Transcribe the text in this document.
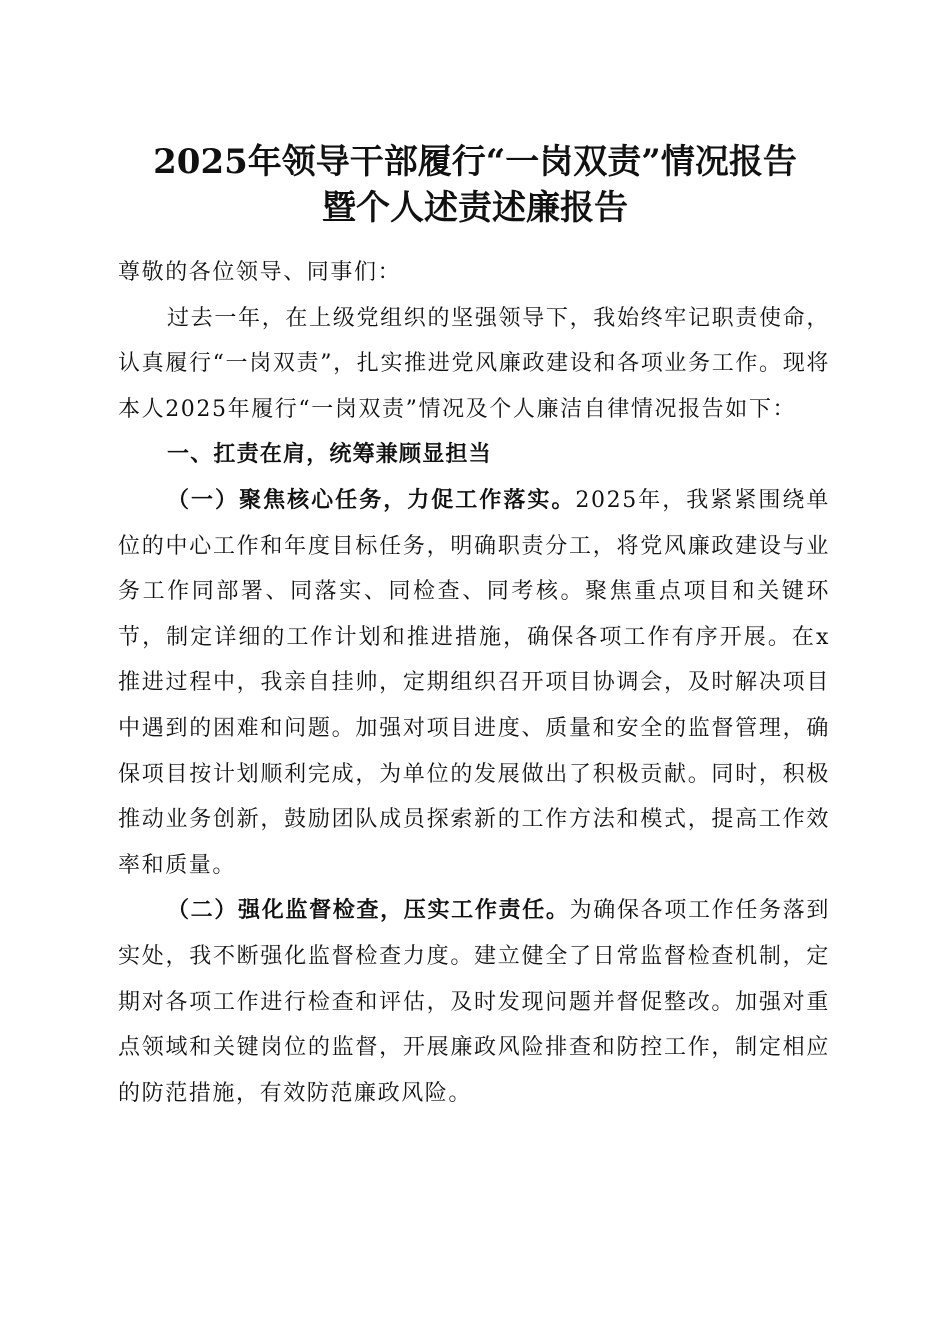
2025年领导干部履行“一岗双责”情况报告
暨个人述责述廉报告

尊敬的各位领导、同事们：

过去一年，在上级党组织的坚强领导下，我始终牢记职责使命，认真履行“一岗双责”，扎实推进党风廉政建设和各项业务工作。现将本人2025年履行“一岗双责”情况及个人廉洁自律情况报告如下：

一、扛责在肩，统筹兼顾显担当

（一）聚焦核心任务，力促工作落实。2025年，我紧紧围绕单位的中心工作和年度目标任务，明确职责分工，将党风廉政建设与业务工作同部署、同落实、同检查、同考核。聚焦重点项目和关键环节，制定详细的工作计划和推进措施，确保各项工作有序开展。在x推进过程中，我亲自挂帅，定期组织召开项目协调会，及时解决项目中遇到的困难和问题。加强对项目进度、质量和安全的监督管理，确保项目按计划顺利完成，为单位的发展做出了积极贡献。同时，积极推动业务创新，鼓励团队成员探索新的工作方法和模式，提高工作效率和质量。

（二）强化监督检查，压实工作责任。为确保各项工作任务落到实处，我不断强化监督检查力度。建立健全了日常监督检查机制，定期对各项工作进行检查和评估，及时发现问题并督促整改。加强对重点领域和关键岗位的监督，开展廉政风险排查和防控工作，制定相应的防范措施，有效防范廉政风险。
